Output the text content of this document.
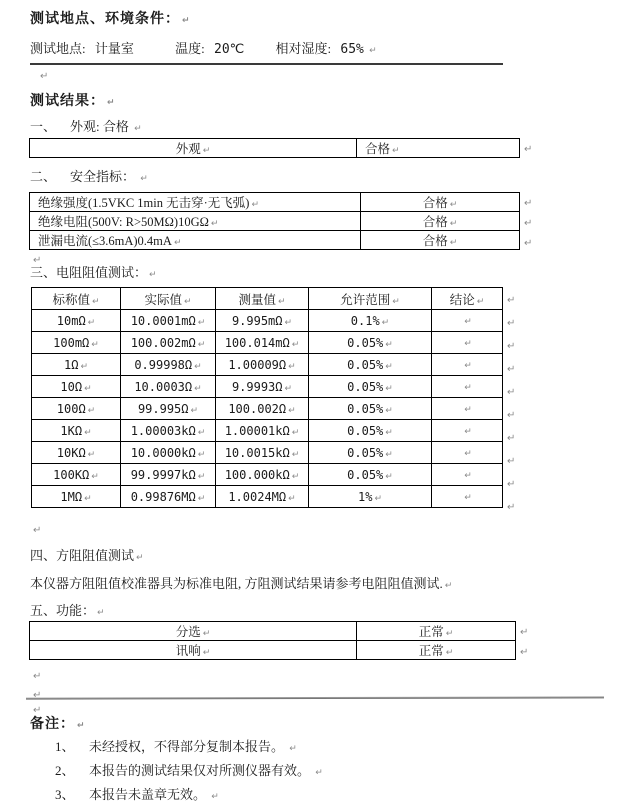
测试地点、环境条件： ↵
测试地点: 计量室	温度: 20℃ 相对湿度: 65% ↵
↵
测试结果： ↵
一、 外观: 合格 ↵
外观 ↵	合格 ↵
↵
二、 安全指标： ↵
绝缘强度(1.5VKC 1min 无击穿·无飞弧) ↵	合格 ↵
绝缘电阻(500V: R>50MΩ)10GΩ ↵	合格 ↵
泄漏电流(≤3.6mA)0.4mA ↵	合格 ↵
↵
↵
↵
↵
三、电阻阻值测试： ↵
标称值 ↵	实际值 ↵	测量值 ↵	允许范围 ↵	结论 ↵
10mΩ ↵	10.0001mΩ ↵	9.995mΩ ↵	0.1% ↵	↵
100mΩ ↵	100.002mΩ ↵	100.014mΩ ↵	0.05% ↵	↵
1Ω ↵	0.99998Ω ↵	1.00009Ω ↵	0.05% ↵	↵
10Ω ↵	10.0003Ω ↵	9.9993Ω ↵	0.05% ↵	↵
100Ω ↵	99.995Ω ↵	100.002Ω ↵	0.05% ↵	↵
1KΩ ↵	1.00003kΩ ↵	1.00001kΩ ↵	0.05% ↵	↵
10KΩ ↵	10.0000kΩ ↵	10.0015kΩ ↵	0.05% ↵	↵
100KΩ ↵	99.9997kΩ ↵	100.000kΩ ↵	0.05% ↵	↵
1MΩ ↵	0.99876MΩ ↵	1.0024MΩ ↵	1% ↵	↵
↵
↵
↵
↵
↵
↵
↵
↵
↵
↵
↵
四、方阻阻值测试 ↵
本仪器方阻阻值校准器具为标准电阻, 方阻测试结果请参考电阻阻值测试. ↵
五、功能： ↵
分选 ↵	正常 ↵
讯响 ↵	正常 ↵
↵
↵
↵
↵
↵
备注： ↵
1、 未经授权，不得部分复制本报告。 ↵
2、 本报告的测试结果仅对所测仪器有效。 ↵
3、 本报告未盖章无效。 ↵
